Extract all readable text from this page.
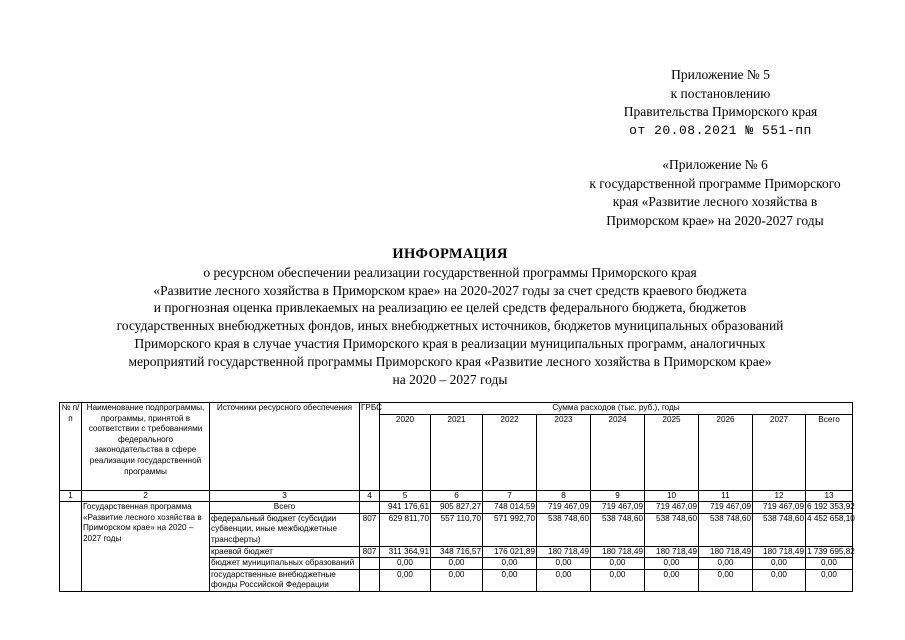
Приложение № 5
к постановлению
Правительства Приморского края
от 20.08.2021 № 551-пп
«Приложение № 6
к государственной программе Приморского
края «Развитие лесного хозяйства в
Приморском крае» на 2020-2027 годы
ИНФОРМАЦИЯ
о ресурсном обеспечении реализации государственной программы Приморского края
«Развитие лесного хозяйства в Приморском крае» на 2020-2027 годы за счет средств краевого бюджета
и прогнозная оценка привлекаемых на реализацию ее целей средств федерального бюджета, бюджетов
государственных внебюджетных фондов, иных внебюджетных источников, бюджетов муниципальных образований
Приморского края в случае участия Приморского края в реализации муниципальных программ, аналогичных
мероприятий государственной программы Приморского края «Развитие лесного хозяйства в Приморском крае»
на 2020 – 2027 годы
№ п/п	Наименование подпрограммы, программы, принятой в соответствии с требованиями федерального законодательства в сфере реализации государственной программы	Источники ресурсного обеспечения	ГРБС	Сумма расходов (тыс. руб.), годы								
				2020	2021	2022	2023	2024	2025	2026	2027	Всего
1	2	3	4	5	6	7	8	9	10	11	12	13
	Государственная программа «Развитие лесного хозяйства в Приморском крае» на 2020 – 2027 годы	Всего		941 176,61	905 827,27	748 014,59	719 467,09	719 467,09	719 467,09	719 467,09	719 467,09	6 192 353,92
		федеральный бюджет (субсидии субвенции, иные межбюджетные трансферты)	807	629 811,70	557 110,70	571 992,70	538 748,60	538 748,60	538 748,60	538 748,60	538 748,60	4 452 658,10
		краевой бюджет	807	311 364,91	348 716,57	176 021,89	180 718,49	180 718,49	180 718,49	180 718,49	180 718,49	1 739 695,82
		бюджет муниципальных образований		0,00	0,00	0,00	0,00	0,00	0,00	0,00	0,00	0,00
		государственные внебюджетные фонды Российской Федерации		0,00	0,00	0,00	0,00	0,00	0,00	0,00	0,00	0,00
